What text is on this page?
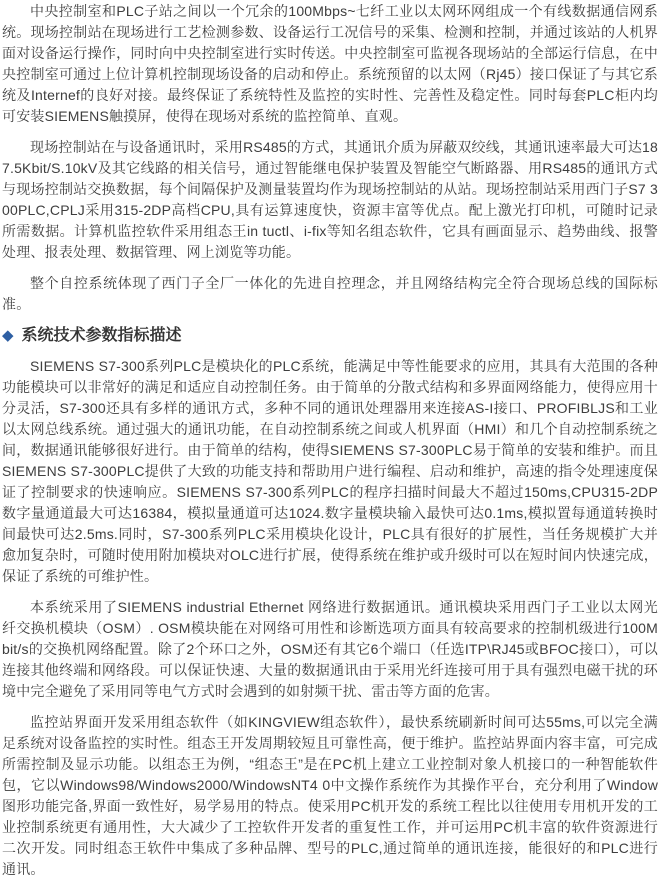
中央控制室和PLC子站之间以一个冗余的100Mbps~七纤工业以太网环网组成一个有线数据通信网系统。现场控制站在现场进行工艺检测参数、设备运行工况信号的采集、检测和控制，并通过该站的人机界面对设备运行操作，同时向中央控制室进行实时传送。中央控制室可监视各现场站的全部运行信息，在中央控制室可通过上位计算机控制现场设备的启动和停止。系统预留的以太网（Rj45）接口保证了与其它系统及Internef的良好对接。最终保证了系统特性及监控的实时性、完善性及稳定性。同时每套PLC柜内均可安装SIEMENS触摸屏，使得在现场对系统的监控简单、直观。

现场控制站在与设备通讯时，采用RS485的方式，其通讯介质为屏蔽双绞线，其通讯速率最大可达187.5Kbit/S.10kV及其它线路的相关信号，通过智能继电保护装置及智能空气断路器、用RS485的通讯方式与现场控制站交换数据，每个间隔保护及测量装置均作为现场控制站的从站。现场控制站采用西门子S7 300PLC,CPLJ采用315-2DP高档CPU,具有运算速度快，资源丰富等优点。配上激光打印机，可随时记录所需数据。计算机监控软件采用组态王in tuctl、i-fix等知名组态软件，它具有画面显示、趋势曲线、报警处理、报表处理、数据管理、网上浏览等功能。

整个自控系统体现了西门子全厂一体化的先进自控理念，并且网络结构完全符合现场总线的国际标准。

◆ 系统技术参数指标描述

SIEMENS S7-300系列PLC是模块化的PLC系统，能满足中等性能要求的应用，其具有大范围的各种功能模块可以非常好的满足和适应自动控制任务。由于简单的分散式结构和多界面网络能力，使得应用十分灵活，S7-300还具有多样的通讯方式，多种不同的通讯处理器用来连接AS-I接口、PROFIBLJS和工业以太网总线系统。通过强大的通讯功能，在自动控制系统之间或人机界面（HMI）和几个自动控制系统之间，数据通讯能够很好进行。由于简单的结构，使得SIEMENS S7-300PLC易于简单的安装和维护。而且SIEMENS S7-300PLC提供了大致的功能支持和帮助用户进行编程、启动和维护，高速的指令处理速度保证了控制要求的快速响应。SIEMENS S7-300系列PLC的程序扫描时间最大不超过150ms,CPU315-2DP数字量通道最大可达16384，模拟量通道可达1024.数字量模块输入最快可达0.1ms,模拟置每通道转换时间最快可达2.5ms.同时，S7-300系列PLC采用模块化设计，PLC具有很好的扩展性，当任务规模扩大并愈加复杂时，可随时使用附加模块对OLC进行扩展，使得系统在维护或升级时可以在短时间内快速完成，保证了系统的可维护性。

本系统采用了SIEMENS industrial Ethernet 网络进行数据通讯。通讯模块采用西门子工业以太网光纤交换机模块（OSM）. OSM模块能在对网络可用性和诊断选项方面具有较高要求的控制机级进行100Mbit/s的交换机网络配置。除了2个环口之外，OSM还有其它6个端口（任选ITP\RJ45或BFOC接口），可以连接其他终端和网络段。可以保证快速、大量的数据通讯由于采用光纤连接可用于具有强烈电磁干扰的环境中完全避免了采用同等电气方式时会遇到的如射频干扰、雷击等方面的危害。

监控站界面开发采用组态软件（如KINGVIEW组态软件），最快系统刷新时间可达55ms,可以完全满足系统对设备监控的实时性。组态王开发周期较短且可靠性高，便于维护。监控站界面内容丰富，可完成所需控制及显示功能。以组态王为例，“组态王”是在PC机上建立工业控制对象人机接口的一种智能软件包，它以Windows98/Windows2000/WindowsNT4 0中文操作系统作为其操作平台，充分利用了Window图形功能完备,界面一致性好，易学易用的特点。使采用PC机开发的系统工程比以往使用专用机开发的工业控制系统更有通用性，大大减少了工控软件开发者的重复性工作，并可运用PC机丰富的软件资源进行二次开发。同时组态王软件中集成了多种品牌、型号的PLC,通过简单的通讯连接，能很好的和PLC进行通讯。
